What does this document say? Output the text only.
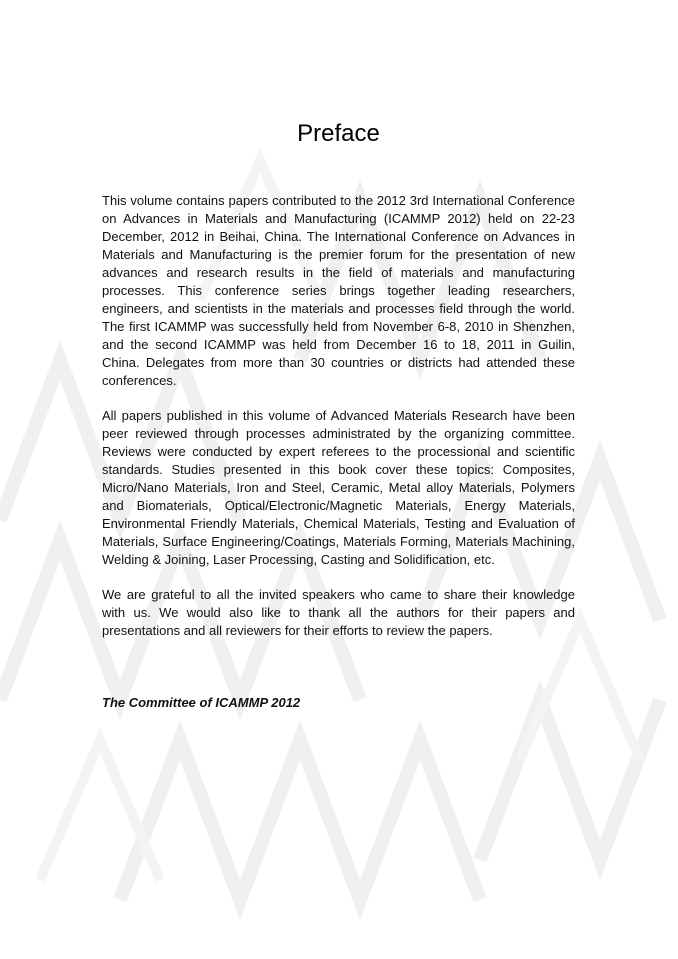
Preface

This volume contains papers contributed to the 2012 3rd International Conference on Advances in Materials and Manufacturing (ICAMMP 2012) held on 22-23 December, 2012 in Beihai, China. The International Conference on Advances in Materials and Manufacturing is the premier forum for the presentation of new advances and research results in the field of materials and manufacturing processes. This conference series brings together leading researchers, engineers, and scientists in the materials and processes field through the world. The first ICAMMP was successfully held from November 6-8, 2010 in Shenzhen, and the second ICAMMP was held from December 16 to 18, 2011 in Guilin, China. Delegates from more than 30 countries or districts had attended these conferences.

All papers published in this volume of Advanced Materials Research have been peer reviewed through processes administrated by the organizing committee. Reviews were conducted by expert referees to the processional and scientific standards. Studies presented in this book cover these topics: Composites, Micro/Nano Materials, Iron and Steel, Ceramic, Metal alloy Materials, Polymers and Biomaterials, Optical/Electronic/Magnetic Materials, Energy Materials, Environmental Friendly Materials, Chemical Materials, Testing and Evaluation of Materials, Surface Engineering/Coatings, Materials Forming, Materials Machining, Welding & Joining, Laser Processing, Casting and Solidification, etc.

We are grateful to all the invited speakers who came to share their knowledge with us. We would also like to thank all the authors for their papers and presentations and all reviewers for their efforts to review the papers.

The Committee of ICAMMP 2012
